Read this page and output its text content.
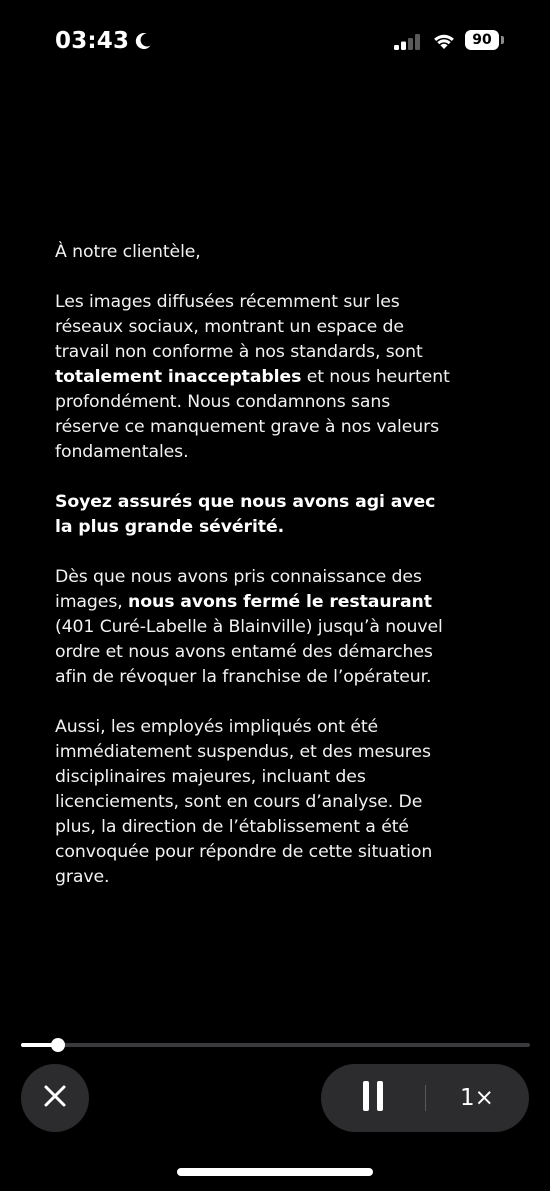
03:43	90

À notre clientèle,

Les images diffusées récemment sur les réseaux sociaux, montrant un espace de travail non conforme à nos standards, sont totalement inacceptables et nous heurtent profondément. Nous condamnons sans réserve ce manquement grave à nos valeurs fondamentales.

Soyez assurés que nous avons agi avec la plus grande sévérité.

Dès que nous avons pris connaissance des images, nous avons fermé le restaurant (401 Curé-Labelle à Blainville) jusqu’à nouvel ordre et nous avons entamé des démarches afin de révoquer la franchise de l’opérateur.

Aussi, les employés impliqués ont été immédiatement suspendus, et des mesures disciplinaires majeures, incluant des licenciements, sont en cours d’analyse. De plus, la direction de l’établissement a été convoquée pour répondre de cette situation grave.

1×
